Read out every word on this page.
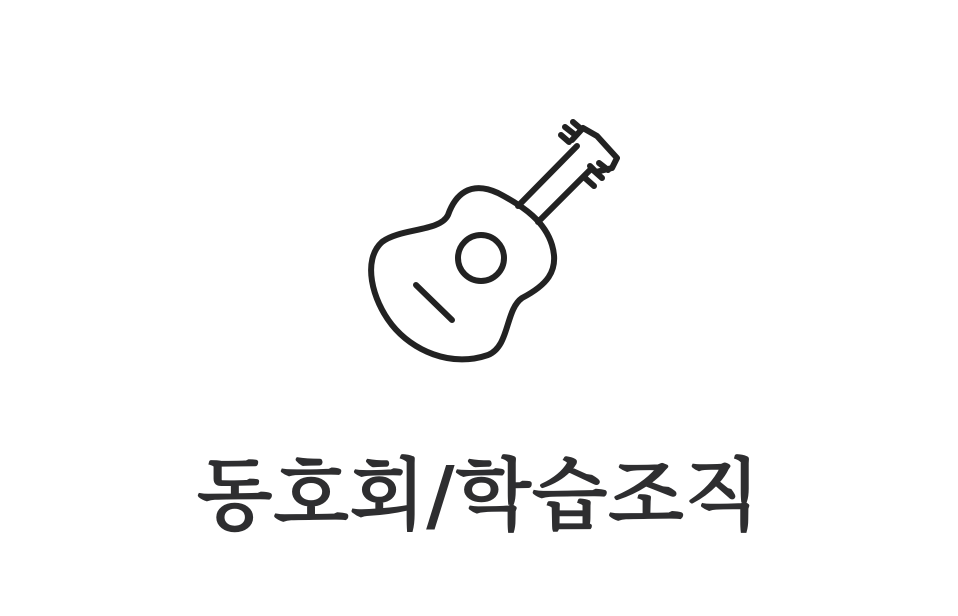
동호회/학습조직
